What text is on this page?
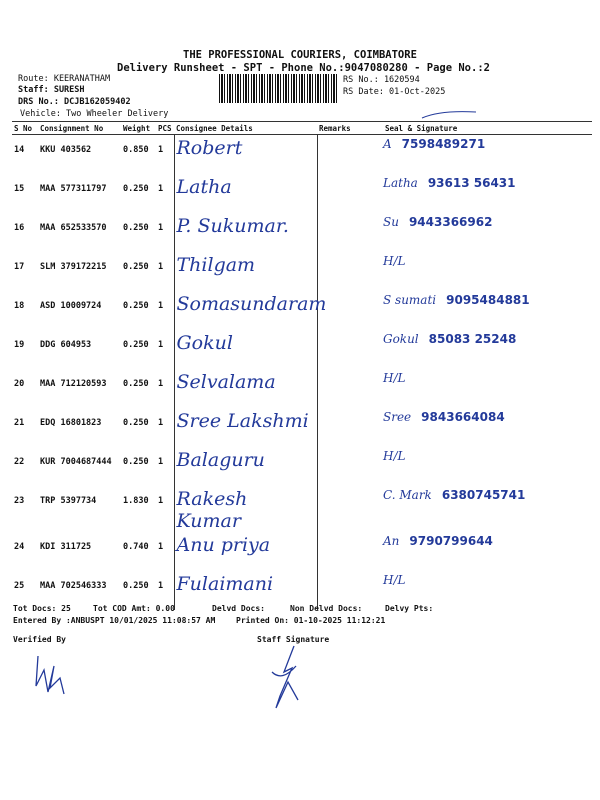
THE PROFESSIONAL COURIERS, COIMBATORE
Delivery Runsheet - SPT - Phone No.:9047080280 - Page No.:2
Route: KEERANATHAM
Staff: SURESH
DRS No.: DCJB162059402
Vehicle: Two Wheeler Delivery
RS No.: 1620594
RS Date: 01-Oct-2025
S No	Consignment No	Weight	PCS	Consignee Details	Remarks	Seal & Signature
14	KKU 403562	0.850	1	Robert		A 7598489271
15	MAA 577311797	0.250	1	Latha		Latha 93613 56431
16	MAA 652533570	0.250	1	P. Sukumar.		Su 9443366962
17	SLM 379172215	0.250	1	Thilgam		H/L
18	ASD 10009724	0.250	1	Somasundaram		S sumati 9095484881
19	DDG 604953	0.250	1	Gokul		Gokul 85083 25248
20	MAA 712120593	0.250	1	Selvalama		H/L
21	EDQ 16801823	0.250	1	Sree Lakshmi		Sree 9843664084
22	KUR 7004687444	0.250	1	Balaguru		H/L
23	TRP 5397734	1.830	1	Rakesh Kumar		C. Mark 6380745741
24	KDI 311725	0.740	1	Anu priya		An 9790799644
25	MAA 702546333	0.250	1	Fulaimani		H/L
Tot Docs: 25	Tot COD Amt: 0.00	Delvd Docs:	Non Delvd Docs:	Delvy Pts:
Entered By :ANBUSPT 10/01/2025 11:08:57 AM	Printed On: 01-10-2025 11:12:21
Verified By	Staff Signature
